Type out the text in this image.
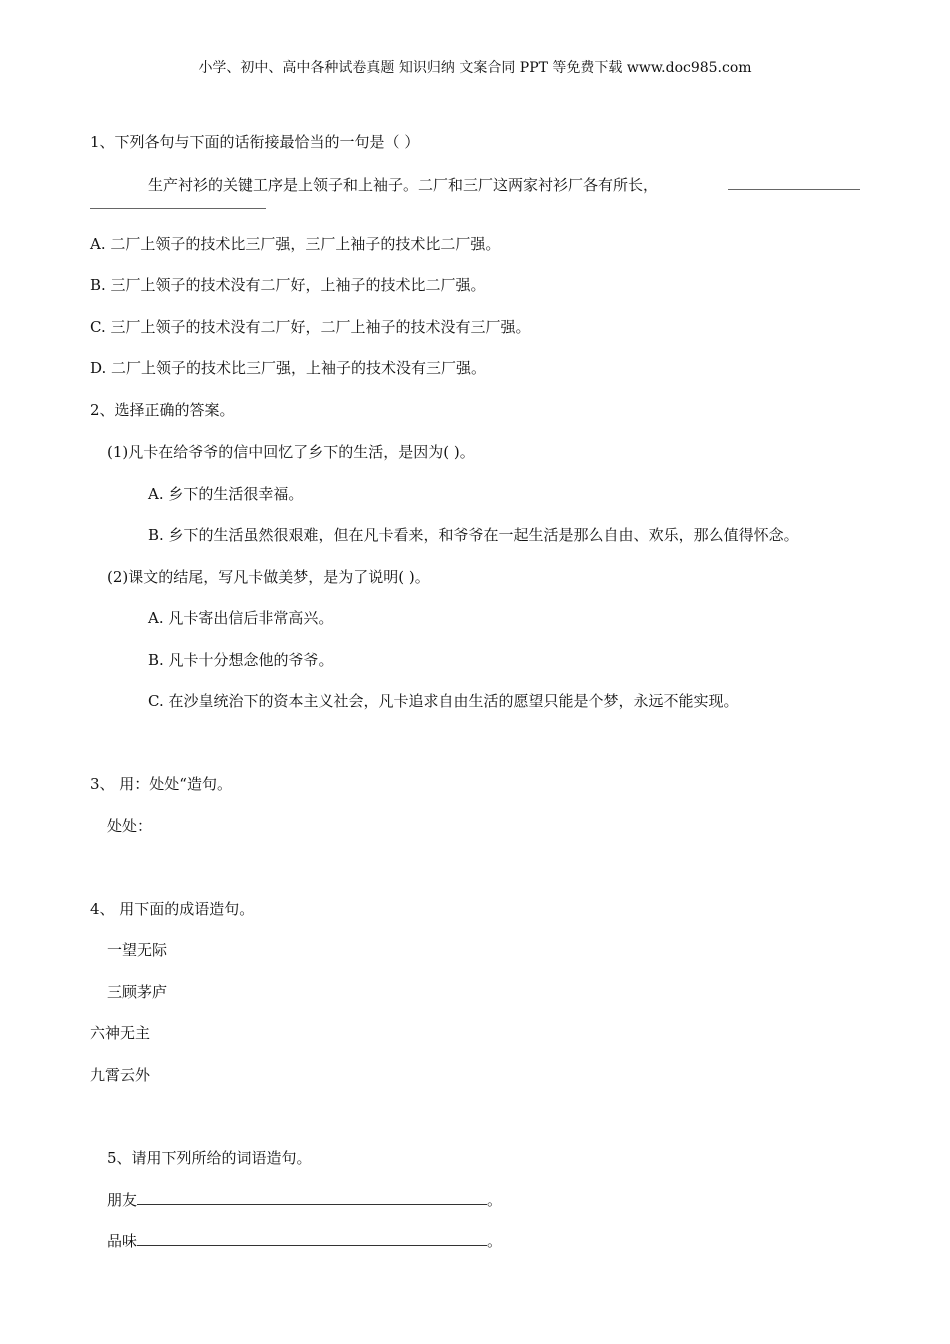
小学、初中、高中各种试卷真题 知识归纳 文案合同 PPT 等免费下载 www.doc985.com
1、下列各句与下面的话衔接最恰当的一句是（ ）
生产衬衫的关键工序是上领子和上袖子。二厂和三厂这两家衬衫厂各有所长，
A. 二厂上领子的技术比三厂强，三厂上袖子的技术比二厂强。
B. 三厂上领子的技术没有二厂好，上袖子的技术比二厂强。
C. 三厂上领子的技术没有二厂好，二厂上袖子的技术没有三厂强。
D. 二厂上领子的技术比三厂强，上袖子的技术没有三厂强。
2、选择正确的答案。
(1)凡卡在给爷爷的信中回忆了乡下的生活，是因为( )。
A. 乡下的生活很幸福。
B. 乡下的生活虽然很艰难，但在凡卡看来，和爷爷在一起生活是那么自由、欢乐，那么值得怀念。
(2)课文的结尾，写凡卡做美梦，是为了说明( )。
A. 凡卡寄出信后非常高兴。
B. 凡卡十分想念他的爷爷。
C. 在沙皇统治下的资本主义社会，凡卡追求自由生活的愿望只能是个梦，永远不能实现。
3、 用：处处“造句。
处处：
4、 用下面的成语造句。
一望无际
三顾茅庐
六神无主
九霄云外
5、请用下列所给的词语造句。
朋友	。
品味	。
